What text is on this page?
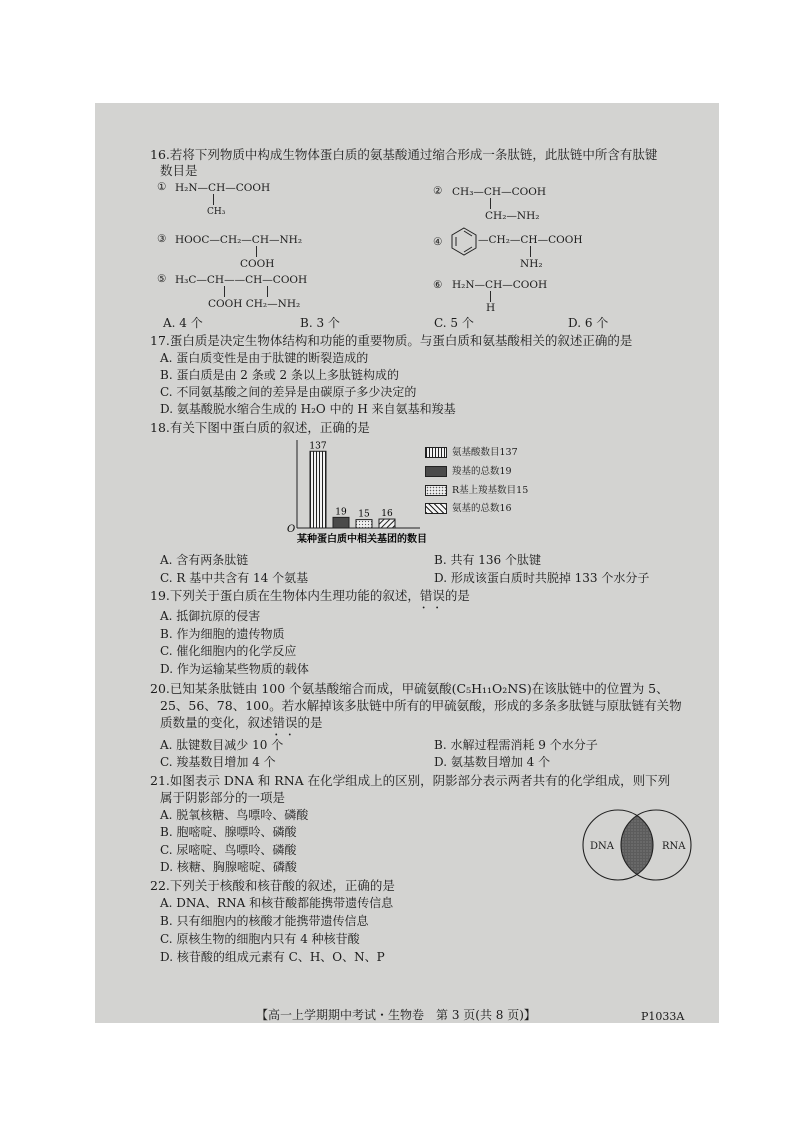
16.若将下列物质中构成生物体蛋白质的氨基酸通过缩合形成一条肽链，此肽链中所含有肽键
数目是
① H₂N—CH—COOH
CH₃
② CH₃—CH—COOH
CH₂—NH₂
③ HOOC—CH₂—CH—NH₂
COOH
④	—CH₂—CH—COOH
NH₂
⑤ H₃C—CH——CH—COOH
COOH CH₂—NH₂
⑥ H₂N—CH—COOH
H
A. 4 个	B. 3 个	C. 5 个	D. 6 个
17.蛋白质是决定生物体结构和功能的重要物质。与蛋白质和氨基酸相关的叙述正确的是
A. 蛋白质变性是由于肽键的断裂造成的
B. 蛋白质是由 2 条或 2 条以上多肽链构成的
C. 不同氨基酸之间的差异是由碳原子多少决定的
D. 氨基酸脱水缩合生成的 H₂O 中的 H 来自氨基和羧基
18.有关下图中蛋白质的叙述，正确的是
O
137
19 15 16
某种蛋白质中相关基团的数目
氨基酸数目137
羧基的总数19
R基上羧基数目15
氨基的总数16
A. 含有两条肽链	B. 共有 136 个肽键
C. R 基中共含有 14 个氨基	D. 形成该蛋白质时共脱掉 133 个水分子
19.下列关于蛋白质在生物体内生理功能的叙述，错误 • •的是
A. 抵御抗原的侵害
B. 作为细胞的遗传物质
C. 催化细胞内的化学反应
D. 作为运输某些物质的载体
20.已知某条肽链由 100 个氨基酸缩合而成，甲硫氨酸(C₅H₁₁O₂NS)在该肽链中的位置为 5、
25、56、78、100。若水解掉该多肽链中所有的甲硫氨酸，形成的多条多肽链与原肽链有关物
质数量的变化，叙述错误 • •的是
A. 肽键数目减少 10 个	B. 水解过程需消耗 9 个水分子
C. 羧基数目增加 4 个	D. 氨基数目增加 4 个
21.如图表示 DNA 和 RNA 在化学组成上的区别，阴影部分表示两者共有的化学组成，则下列
属于阴影部分的一项是
A. 脱氧核糖、鸟嘌呤、磷酸
B. 胞嘧啶、腺嘌呤、磷酸
C. 尿嘧啶、鸟嘌呤、磷酸
D. 核糖、胸腺嘧啶、磷酸
DNA	RNA
22.下列关于核酸和核苷酸的叙述，正确的是
A. DNA、RNA 和核苷酸都能携带遗传信息
B. 只有细胞内的核酸才能携带遗传信息
C. 原核生物的细胞内只有 4 种核苷酸
D. 核苷酸的组成元素有 C、H、O、N、P
【高一上学期期中考试・生物卷　第 3 页(共 8 页)】	P1033A
